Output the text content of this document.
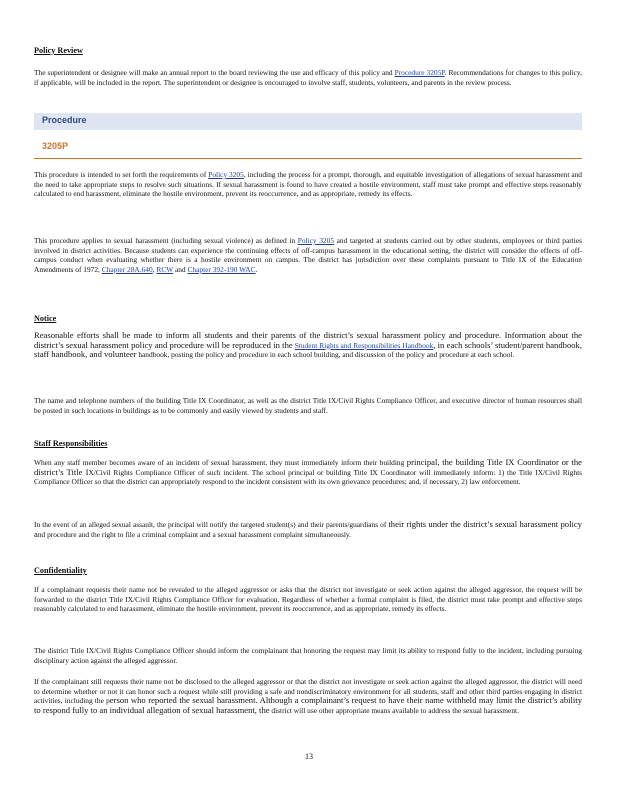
Policy Review

The superintendent or designee will make an annual report to the board reviewing the use and efficacy of this policy and Procedure 3205P. Recommendations for changes to this policy, if applicable, will be included in the report. The superintendent or designee is encouraged to involve staff, students, volunteers, and parents in the review process.

Procedure
3205P

This procedure is intended to set forth the requirements of Policy 3205, including the process for a prompt, thorough, and equitable investigation of allegations of sexual harassment and the need to take appropriate steps to resolve such situations. If sexual harassment is found to have created a hostile environment, staff must take prompt and effective steps reasonably calculated to end harassment, eliminate the hostile environment, prevent its reoccurrence, and as appropriate, remedy its effects.

This procedure applies to sexual harassment (including sexual violence) as defined in Policy 3205 and targeted at students carried out by other students, employees or third parties involved in district activities. Because students can experience the continuing effects of off-campus harassment in the educational setting, the district will consider the effects of off-campus conduct when evaluating whether there is a hostile environment on campus. The district has jurisdiction over these complaints pursuant to Title IX of the Education Amendments of 1972, Chapter 28A.640, RCW and Chapter 392-190 WAC.

Notice

Reasonable efforts shall be made to inform all students and their parents of the district’s sexual harassment policy and procedure. Information about the district’s sexual harassment policy and procedure will be reproduced in the Student Rights and Responsibilities Handbook, in each schools’ student/parent handbook, staff handbook, and volunteer handbook, posting the policy and procedure in each school building, and discussion of the policy and procedure at each school.

The name and telephone numbers of the building Title IX Coordinator, as well as the district Title IX/Civil Rights Compliance Officer, and executive director of human resources shall be posted in such locations in buildings as to be commonly and easily viewed by students and staff.

Staff Responsibilities

When any staff member becomes aware of an incident of sexual harassment, they must immediately inform their building principal, the building Title IX Coordinator or the district’s Title IX/Civil Rights Compliance Officer of such incident. The school principal or building Title IX Coordinator will immediately inform: 1) the Title IX/Civil Rights Compliance Officer so that the district can appropriately respond to the incident consistent with its own grievance procedures; and, if necessary, 2) law enforcement.

In the event of an alleged sexual assault, the principal will notify the targeted student(s) and their parents/guardians of their rights under the district’s sexual harassment policy and procedure and the right to file a criminal complaint and a sexual harassment complaint simultaneously.

Confidentiality

If a complainant requests their name not be revealed to the alleged aggressor or asks that the district not investigate or seek action against the alleged aggressor, the request will be forwarded to the district Title IX/Civil Rights Compliance Officer for evaluation. Regardless of whether a formal complaint is filed, the district must take prompt and effective steps reasonably calculated to end harassment, eliminate the hostile environment, prevent its reoccurrence, and as appropriate, remedy its effects.

The district Title IX/Civil Rights Compliance Officer should inform the complainant that honoring the request may limit its ability to respond fully to the incident, including pursuing disciplinary action against the alleged aggressor.

If the complainant still requests their name not be disclosed to the alleged aggressor or that the district not investigate or seek action against the alleged aggressor, the district will need to determine whether or not it can honor such a request while still providing a safe and nondiscriminatory environment for all students, staff and other third parties engaging in district activities, including the person who reported the sexual harassment. Although a complainant’s request to have their name withheld may limit the district’s ability to respond fully to an individual allegation of sexual harassment, the district will use other appropriate means available to address the sexual harassment.

13
